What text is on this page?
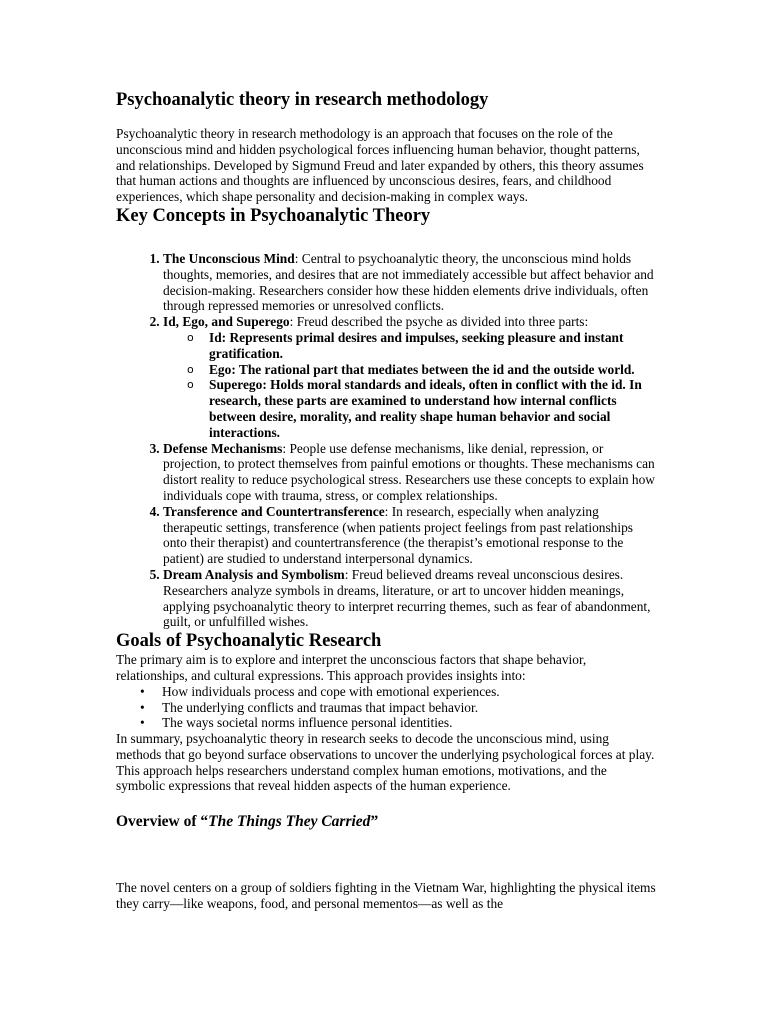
Psychoanalytic theory in research methodology

Psychoanalytic theory in research methodology is an approach that focuses on the role of the unconscious mind and hidden psychological forces influencing human behavior, thought patterns, and relationships. Developed by Sigmund Freud and later expanded by others, this theory assumes that human actions and thoughts are influenced by unconscious desires, fears, and childhood experiences, which shape personality and decision-making in complex ways.

Key Concepts in Psychoanalytic Theory
1. The Unconscious Mind: Central to psychoanalytic theory, the unconscious mind holds thoughts, memories, and desires that are not immediately accessible but affect behavior and decision-making. Researchers consider how these hidden elements drive individuals, often through repressed memories or unresolved conflicts.
2. Id, Ego, and Superego: Freud described the psyche as divided into three parts:
o Id: Represents primal desires and impulses, seeking pleasure and instant gratification.
o Ego: The rational part that mediates between the id and the outside world.
o Superego: Holds moral standards and ideals, often in conflict with the id. In research, these parts are examined to understand how internal conflicts between desire, morality, and reality shape human behavior and social interactions.
3. Defense Mechanisms: People use defense mechanisms, like denial, repression, or projection, to protect themselves from painful emotions or thoughts. These mechanisms can distort reality to reduce psychological stress. Researchers use these concepts to explain how individuals cope with trauma, stress, or complex relationships.
4. Transference and Countertransference: In research, especially when analyzing therapeutic settings, transference (when patients project feelings from past relationships onto their therapist) and countertransference (the therapist’s emotional response to the patient) are studied to understand interpersonal dynamics.
5. Dream Analysis and Symbolism: Freud believed dreams reveal unconscious desires. Researchers analyze symbols in dreams, literature, or art to uncover hidden meanings, applying psychoanalytic theory to interpret recurring themes, such as fear of abandonment, guilt, or unfulfilled wishes.
Goals of Psychoanalytic Research

The primary aim is to explore and interpret the unconscious factors that shape behavior, relationships, and cultural expressions. This approach provides insights into:

• How individuals process and cope with emotional experiences.
• The underlying conflicts and traumas that impact behavior.
• The ways societal norms influence personal identities.

In summary, psychoanalytic theory in research seeks to decode the unconscious mind, using methods that go beyond surface observations to uncover the underlying psychological forces at play. This approach helps researchers understand complex human emotions, motivations, and the symbolic expressions that reveal hidden aspects of the human experience.

Overview of “The Things They Carried”

The novel centers on a group of soldiers fighting in the Vietnam War, highlighting the physical items they carry—like weapons, food, and personal mementos—as well as the
